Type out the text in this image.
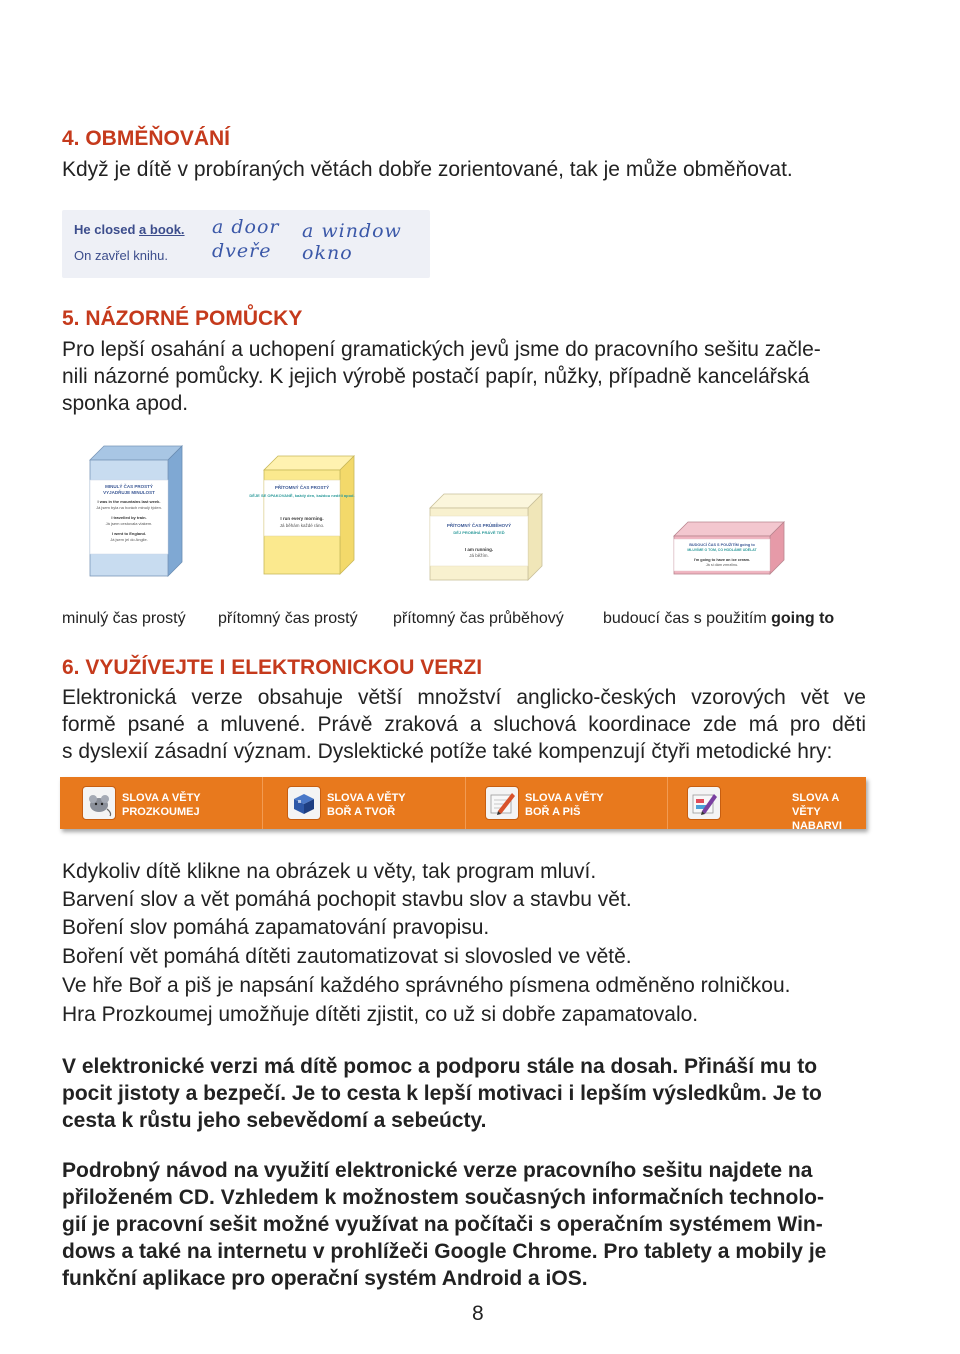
4. OBMĚŇOVÁNÍ

Když je dítě v probíraných větách dobře zorientované, tak je může obměňovat.

He closed a book.
On zavřel knihu.
a door
dveře
a window
okno
5. NÁZORNÉ POMŮCKY

Pro lepší osahání a uchopení gramatických jevů jsme do pracovního sešitu začle-

nili názorné pomůcky. K jejich výrobě postačí papír, nůžky, případně kancelářská

sponka apod.

MINULÝ ČAS PROSTÝ
VYJADŘUJE MINULOST
I was in the mountains last week.
Já jsem byla na horách minulý týden.
I travelled by train.
Já jsem cestovala vlakem.
I went to England.
Já jsem jel do Anglie.
PŘÍTOMNÝ ČAS PROSTÝ
DĚJE SE OPAKOVANĚ, každý den, každou neděli apod.
I run every morning.
Já běhám každé ráno.	PŘÍTOMNÝ ČAS PRŮBĚHOVÝ
DĚJ PROBÍHÁ PRÁVĚ TEĎ
I am running.
Já běžím.
BUDOUCÍ ČAS S POUŽITÍM going to
MLUVÍME O TOM, CO HODLÁME UDĚLAT
I'm going to have an ice cream.
Já si dám zmrzlinu.
minulý čas prostý přítomný čas prostý přítomný čas průběhový budoucí čas s použitím going to
6. VYUŽÍVEJTE I ELEKTRONICKOU VERZI

Elektronická verze obsahuje větší množství anglicko-českých vzorových vět ve

formě psané a mluvené. Právě zraková a sluchová koordinace zde má pro děti

s dyslexií zásadní význam. Dyslektické potíže také kompenzují čtyři metodické hry:

SLOVA A VĚTY
PROZKOUMEJ
SLOVA A VĚTY
BOŘ A TVOŘ
SLOVA A VĚTY
BOŘ A PIŠ
SLOVA A VĚTY
NABARVI

Kdykoliv dítě klikne na obrázek u věty, tak program mluví.

Barvení slov a vět pomáhá pochopit stavbu slov a stavbu vět.

Boření slov pomáhá zapamatování pravopisu.

Boření vět pomáhá dítěti zautomatizovat si slovosled ve větě.

Ve hře Boř a piš je napsání každého správného písmena odměněno rolničkou.

Hra Prozkoumej umožňuje dítěti zjistit, co už si dobře zapamatovalo.

V elektronické verzi má dítě pomoc a podporu stále na dosah. Přináší mu to

pocit jistoty a bezpečí. Je to cesta k lepší motivaci i lepším výsledkům. Je to

cesta k růstu jeho sebevědomí a sebeúcty.

Podrobný návod na využití elektronické verze pracovního sešitu najdete na

přiloženém CD. Vzhledem k možnostem současných informačních technolo-

gií je pracovní sešit možné využívat na počítači s operačním systémem Win-

dows a také na internetu v prohlížeči Google Chrome. Pro tablety a mobily je

funkční aplikace pro operační systém Android a iOS.

8
